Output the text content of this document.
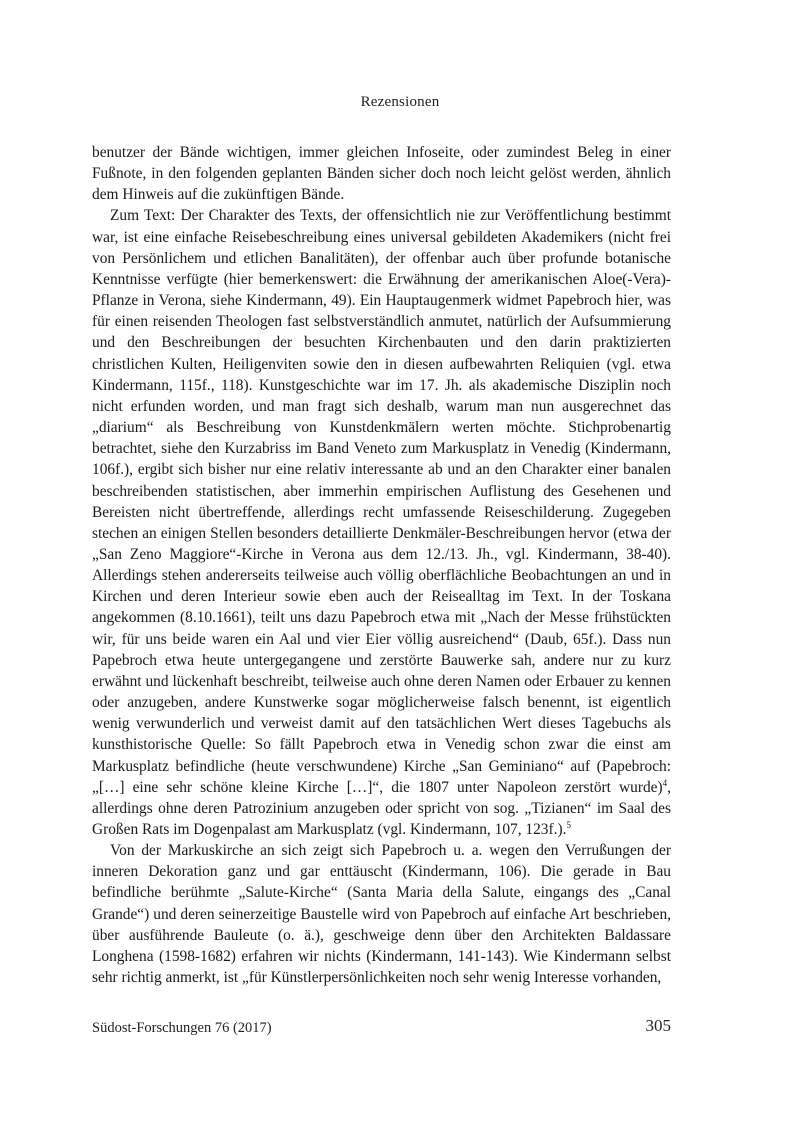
Rezensionen

benutzer der Bände wichtigen, immer gleichen Infoseite, oder zumindest Beleg in einer Fußnote, in den folgenden geplanten Bänden sicher doch noch leicht gelöst werden, ähnlich dem Hinweis auf die zukünftigen Bände.

Zum Text: Der Charakter des Texts, der offensichtlich nie zur Veröffentlichung bestimmt war, ist eine einfache Reisebeschreibung eines universal gebildeten Akademikers (nicht frei von Persönlichem und etlichen Banalitäten), der offenbar auch über profunde botanische Kenntnisse verfügte (hier bemerkenswert: die Erwähnung der amerikanischen Aloe(-Vera)-Pflanze in Verona, siehe Kindermann, 49). Ein Hauptaugenmerk widmet Papebroch hier, was für einen reisenden Theologen fast selbstverständlich anmutet, natürlich der Aufsummierung und den Beschreibungen der besuchten Kirchenbauten und den darin praktizierten christlichen Kulten, Heiligenviten sowie den in diesen aufbewahrten Reliquien (vgl. etwa Kindermann, 115f., 118). Kunstgeschichte war im 17. Jh. als akademische Disziplin noch nicht erfunden worden, und man fragt sich deshalb, warum man nun ausgerechnet das „diarium“ als Beschreibung von Kunstdenkmälern werten möchte. Stichprobenartig betrachtet, siehe den Kurzabriss im Band Veneto zum Markusplatz in Venedig (Kindermann, 106f.), ergibt sich bisher nur eine relativ interessante ab und an den Charakter einer banalen beschreibenden statistischen, aber immerhin empirischen Auflistung des Gesehenen und Bereisten nicht übertreffende, allerdings recht umfassende Reiseschilderung. Zugegeben stechen an einigen Stellen besonders detaillierte Denkmäler-Beschreibungen hervor (etwa der „San Zeno Maggiore“-Kirche in Verona aus dem 12./13. Jh., vgl. Kindermann, 38-40). Allerdings stehen andererseits teilweise auch völlig oberflächliche Beobachtungen an und in Kirchen und deren Interieur sowie eben auch der Reisealltag im Text. In der Toskana angekommen (8.10.1661), teilt uns dazu Papebroch etwa mit „Nach der Messe frühstückten wir, für uns beide waren ein Aal und vier Eier völlig ausreichend“ (Daub, 65f.). Dass nun Papebroch etwa heute untergegangene und zerstörte Bauwerke sah, andere nur zu kurz erwähnt und lückenhaft beschreibt, teilweise auch ohne deren Namen oder Erbauer zu kennen oder anzugeben, andere Kunstwerke sogar möglicherweise falsch benennt, ist eigentlich wenig verwunderlich und verweist damit auf den tatsächlichen Wert dieses Tagebuchs als kunsthistorische Quelle: So fällt Papebroch etwa in Venedig schon zwar die einst am Markusplatz befindliche (heute verschwundene) Kirche „San Geminiano“ auf (Papebroch: „[…] eine sehr schöne kleine Kirche […]“, die 1807 unter Napoleon zerstört wurde)$^4$, allerdings ohne deren Patrozinium anzugeben oder spricht von sog. „Tizianen“ im Saal des Großen Rats im Dogenpalast am Markusplatz (vgl. Kindermann, 107, 123f.).$^5$

Von der Markuskirche an sich zeigt sich Papebroch u. a. wegen den Verrußungen der inneren Dekoration ganz und gar enttäuscht (Kindermann, 106). Die gerade in Bau befindliche berühmte „Salute-Kirche“ (Santa Maria della Salute, eingangs des „Canal Grande“) und deren seinerzeitige Baustelle wird von Papebroch auf einfache Art beschrieben, über ausführende Bauleute (o. ä.), geschweige denn über den Architekten Baldassare Longhena (1598-1682) erfahren wir nichts (Kindermann, 141-143). Wie Kindermann selbst sehr richtig anmerkt, ist „für Künstlerpersönlichkeiten noch sehr wenig Interesse vorhanden,

Südost-Forschungen 76 (2017)	305
